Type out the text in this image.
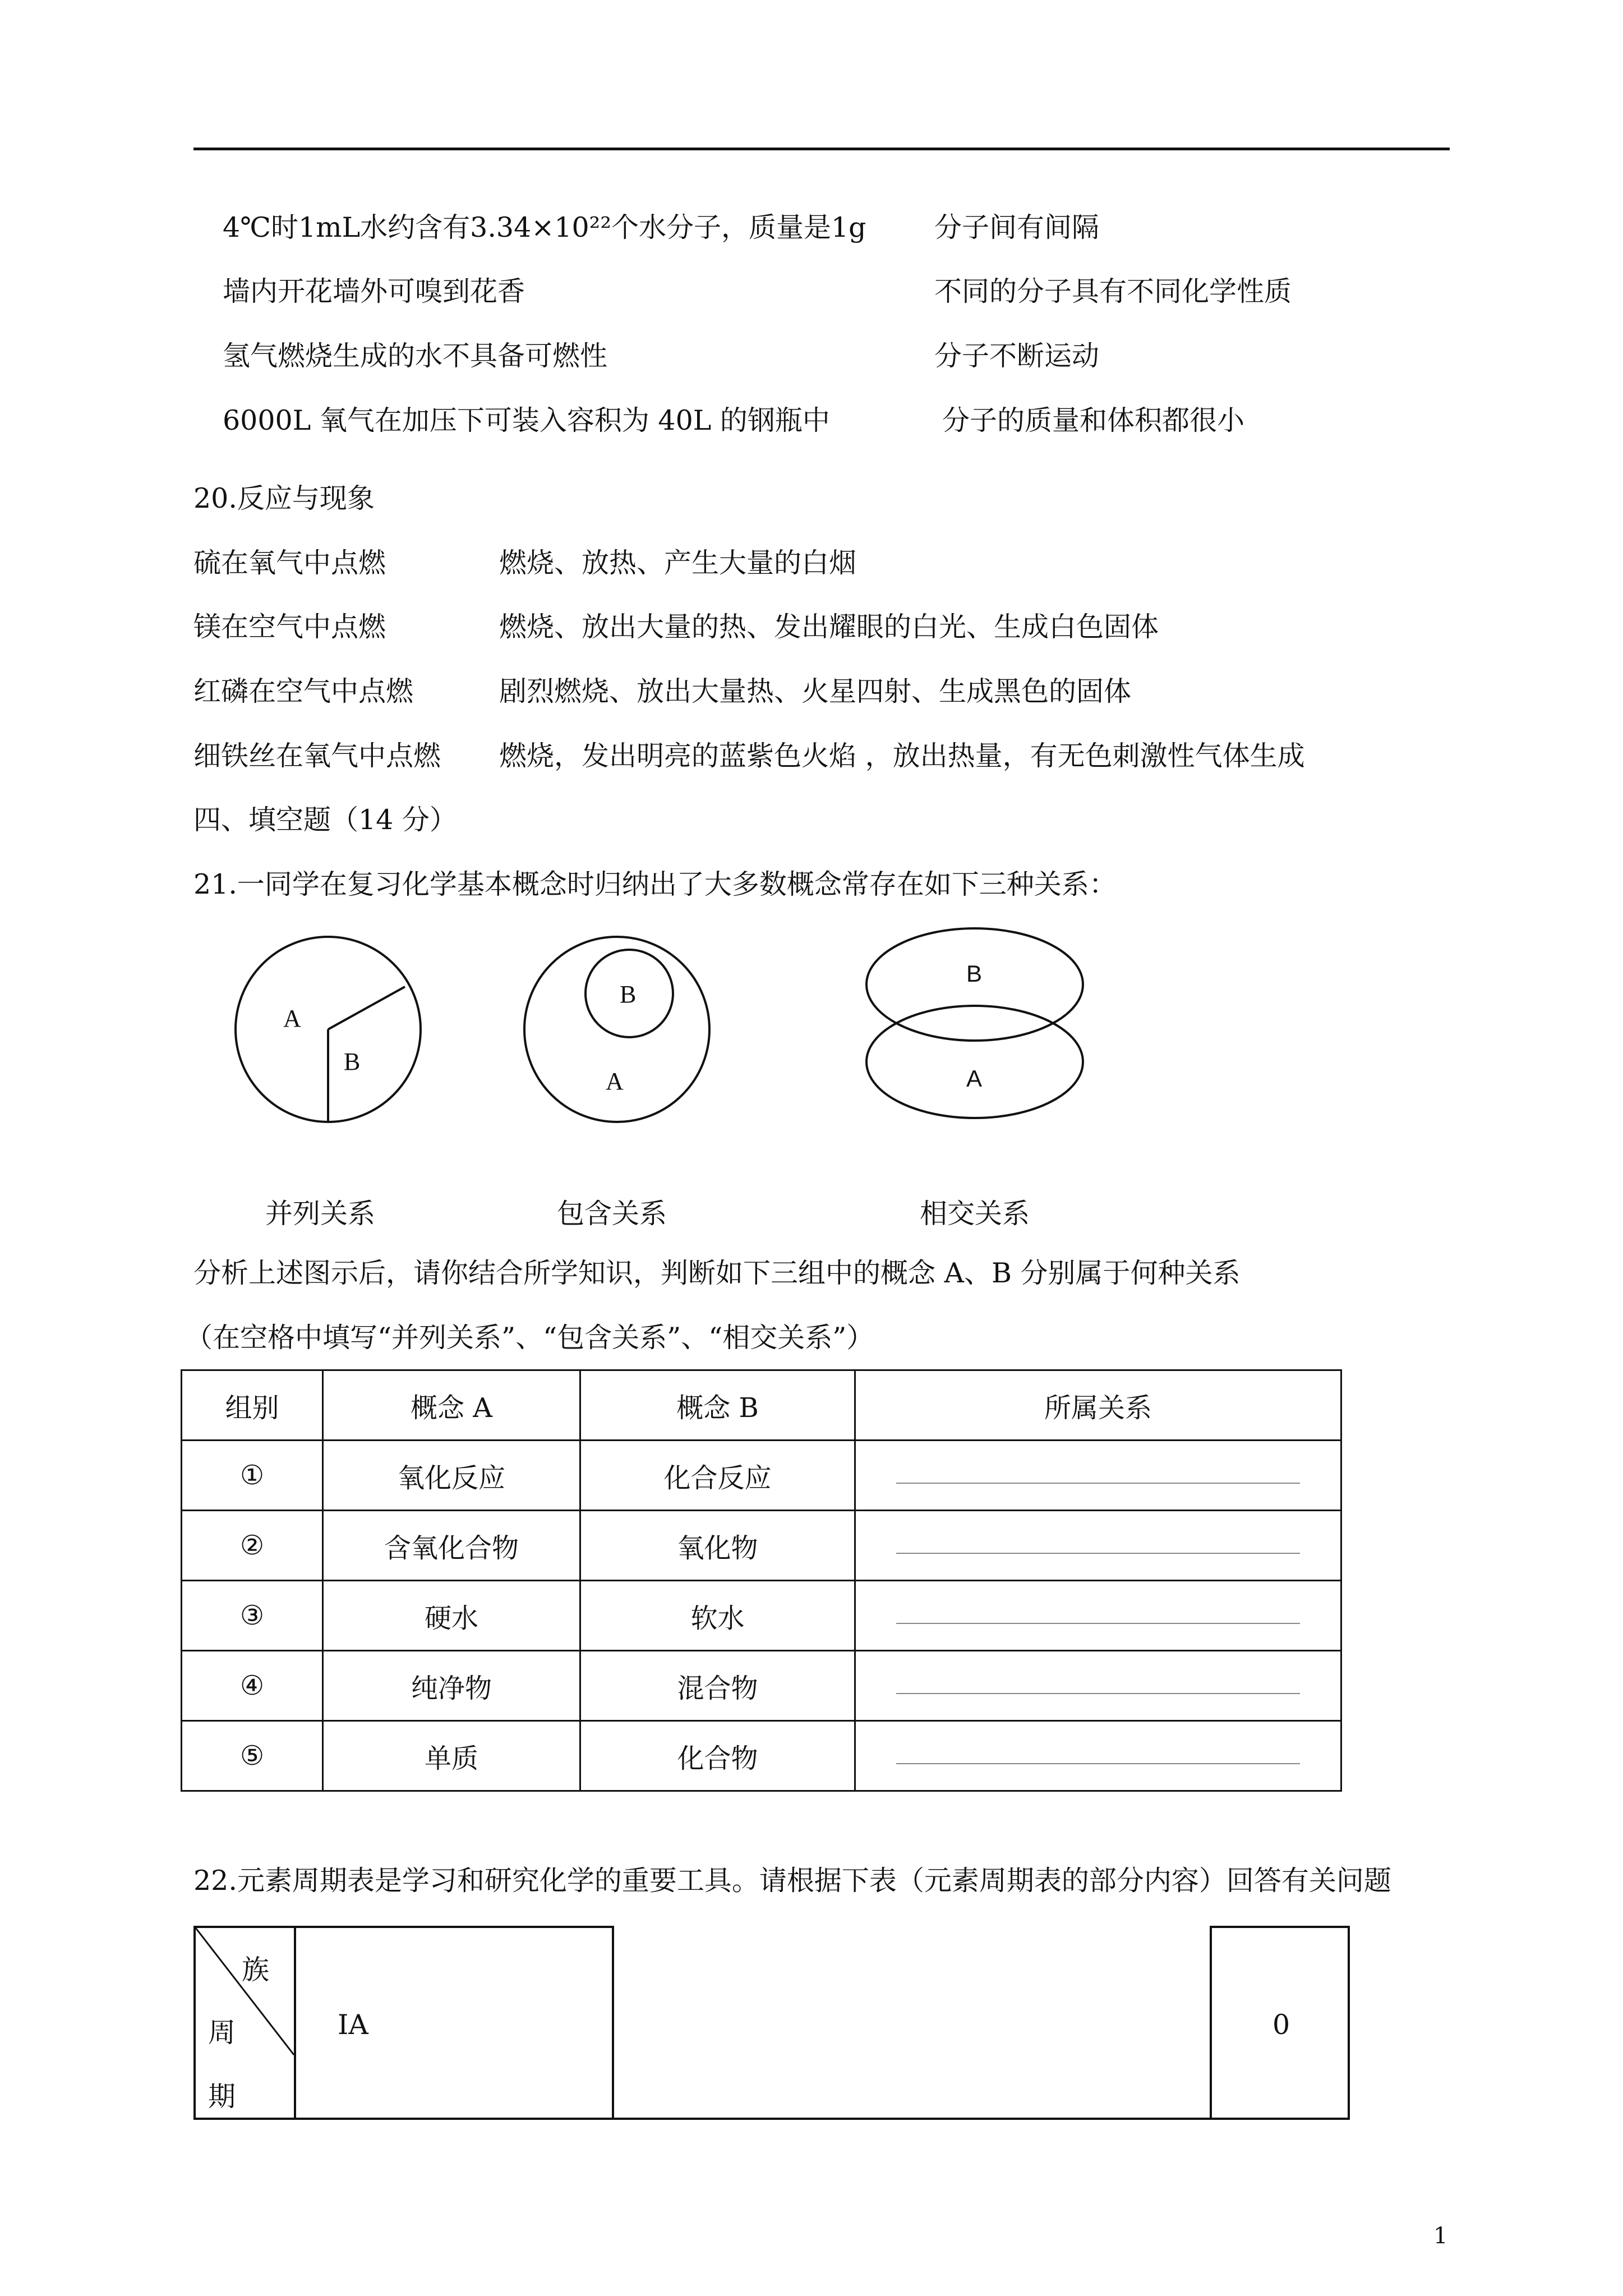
4℃时1mL水约含有3.34×10²²个水分子，质量是1g 分子间有间隔
墙内开花墙外可嗅到花香	不同的分子具有不同化学性质
氢气燃烧生成的水不具备可燃性	分子不断运动
6000L 氧气在加压下可装入容积为 40L 的钢瓶中	分子的质量和体积都很小
20.反应与现象
硫在氧气中点燃	燃烧、放热、产生大量的白烟
镁在空气中点燃	燃烧、放出大量的热、发出耀眼的白光、生成白色固体
红磷在空气中点燃	剧烈燃烧、放出大量热、火星四射、生成黑色的固体
细铁丝在氧气中点燃 燃烧，发出明亮的蓝紫色火焰 ，放出热量，有无色刺激性气体生成
四、填空题（14 分）
21.一同学在复习化学基本概念时归纳出了大多数概念常存在如下三种关系：
A
B
B
A
B
A
并列关系	包含关系	相交关系
分析上述图示后，请你结合所学知识，判断如下三组中的概念 A、B 分别属于何种关系
（在空格中填写“并列关系”、“包含关系”、“相交关系”）
组别	概念 A	概念 B	所属关系
①	氧化反应	化合反应	
②	含氧化合物	氧化物	
③	硬水	软水	
④	纯净物	混合物	
⑤	单质	化合物	
22.元素周期表是学习和研究化学的重要工具。请根据下表（元素周期表的部分内容）回答有关问题
族
周
期
ⅠA	0
1
